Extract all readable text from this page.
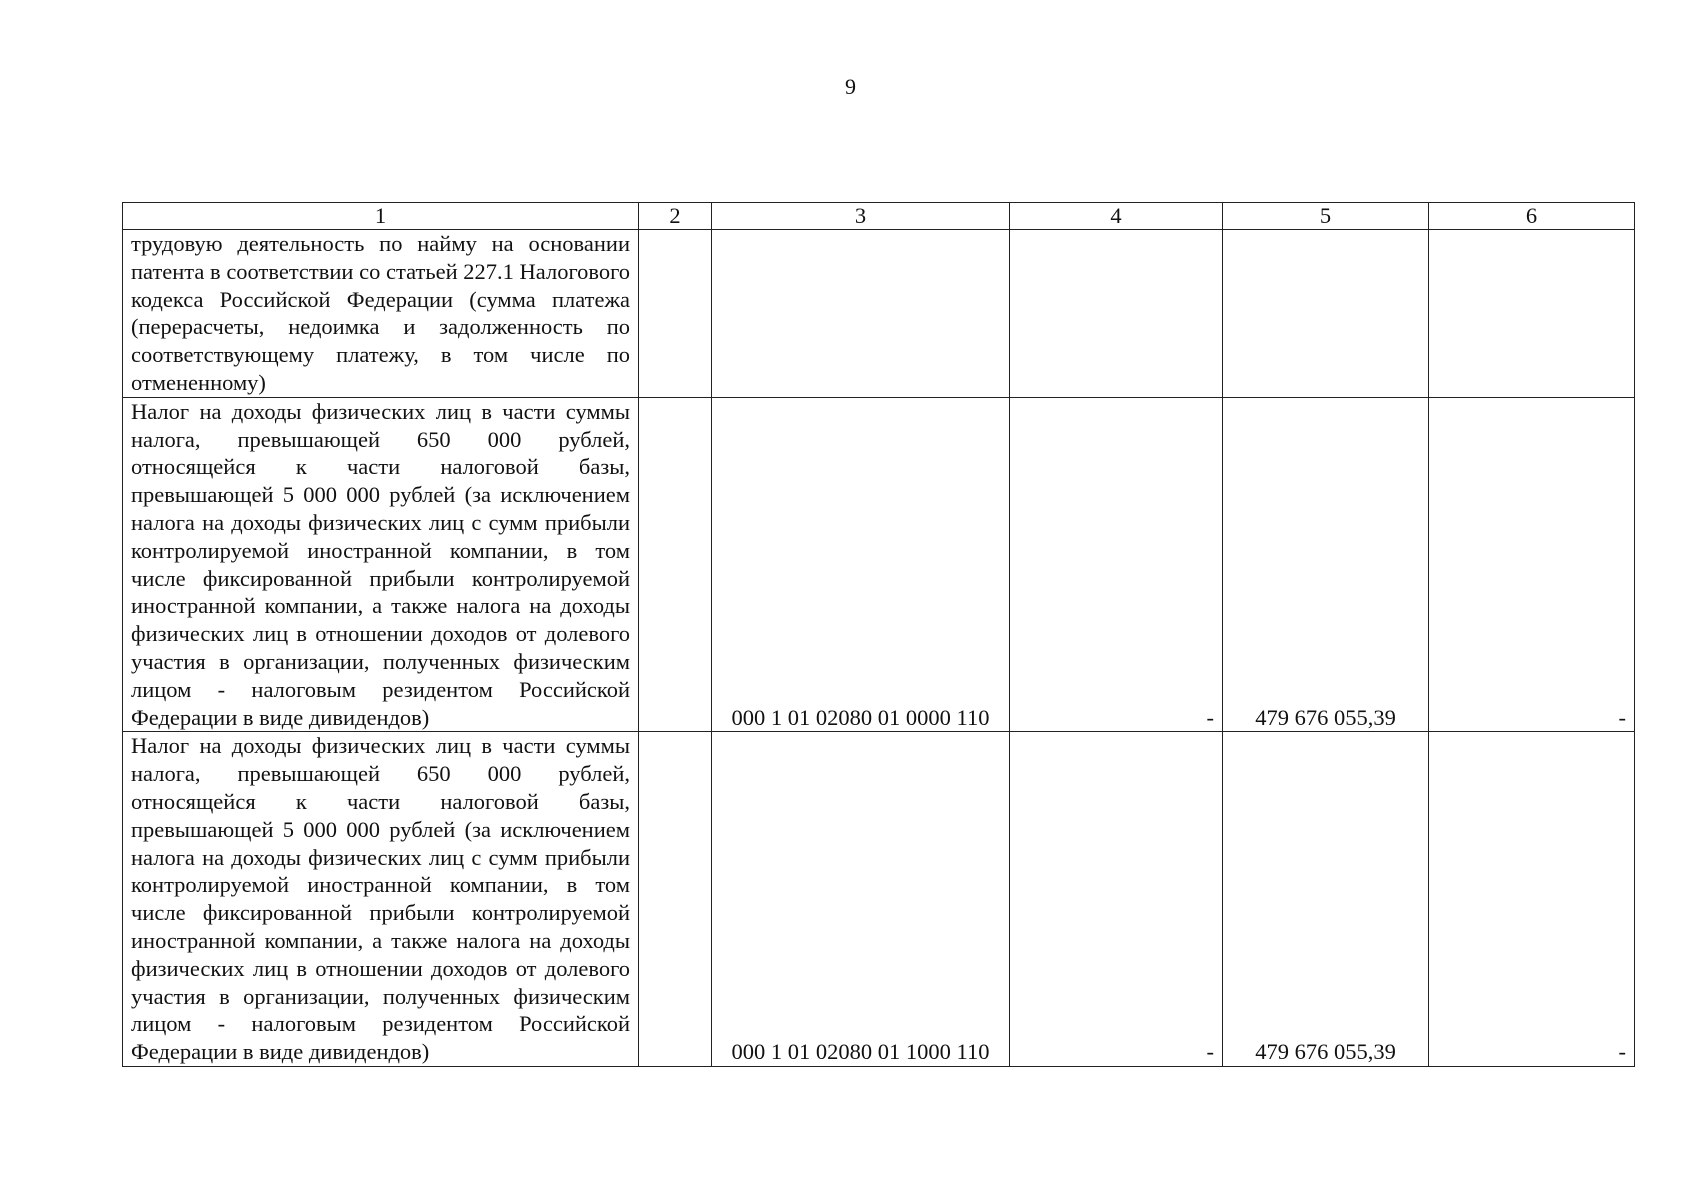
9
1	2	3	4	5	6
трудовую деятельность по найму на основании патента в соответствии со статьей 227.1 Налогового кодекса Российской Федерации (сумма платежа (перерасчеты, недоимка и задолженность по соответствующему платежу, в том числе по отмененному)					
Налог на доходы физических лиц в части суммы налога, превышающей 650 000 рублей, относящейся к части налоговой базы, превышающей 5 000 000 рублей (за исключением налога на доходы физических лиц с сумм прибыли контролируемой иностранной компании, в том числе фиксированной прибыли контролируемой иностранной компании, а также налога на доходы физических лиц в отношении доходов от долевого участия в организации, полученных физическим лицом - налоговым резидентом Российской Федерации в виде дивидендов)		000 1 01 02080 01 0000 110	-	479 676 055,39	-
Налог на доходы физических лиц в части суммы налога, превышающей 650 000 рублей, относящейся к части налоговой базы, превышающей 5 000 000 рублей (за исключением налога на доходы физических лиц с сумм прибыли контролируемой иностранной компании, в том числе фиксированной прибыли контролируемой иностранной компании, а также налога на доходы физических лиц в отношении доходов от долевого участия в организации, полученных физическим лицом - налоговым резидентом Российской Федерации в виде дивидендов)		000 1 01 02080 01 1000 110	-	479 676 055,39	-
